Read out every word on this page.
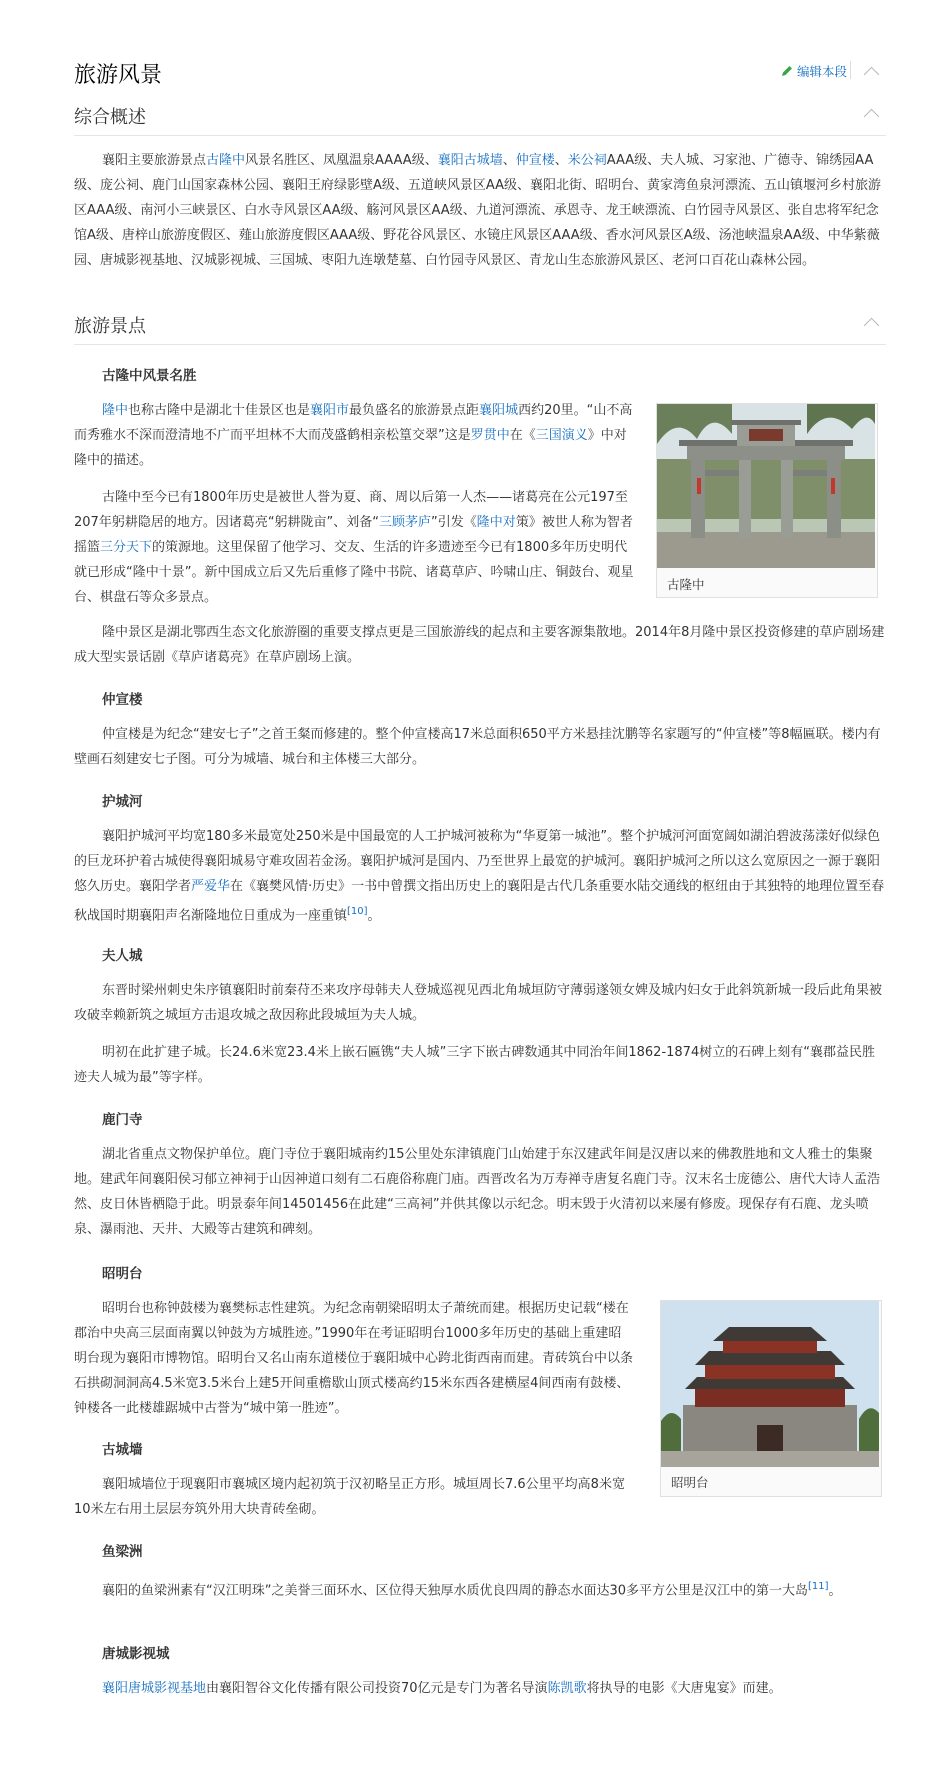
旅游风景	编辑本段
综合概述

襄阳主要旅游景点古隆中风景名胜区、凤凰温泉AAAA级、襄阳古城墙、仲宣楼、米公祠AAA级、夫人城、习家池、广德寺、锦绣园AA级、庞公祠、鹿门山国家森林公园、襄阳王府绿影壁A级、五道峡风景区AA级、襄阳北街、昭明台、黄家湾鱼泉河漂流、五山镇堰河乡村旅游区AAA级、南河小三峡景区、白水寺风景区AA级、觞河风景区AA级、九道河漂流、承恩寺、龙王峡漂流、白竹园寺风景区、张自忠将军纪念馆A级、唐梓山旅游度假区、薤山旅游度假区AAA级、野花谷风景区、水镜庄风景区AAA级、香水河风景区A级、汤池峡温泉AA级、中华紫薇园、唐城影视基地、汉城影视城、三国城、枣阳九连墩楚墓、白竹园寺风景区、青龙山生态旅游风景区、老河口百花山森林公园。

旅游景点
古隆中风景名胜
古隆中

隆中也称古隆中是湖北十佳景区也是襄阳市最负盛名的旅游景点距襄阳城西约20里。“山不高而秀雅水不深而澄清地不广而平坦林不大而茂盛鹤相亲松篁交翠”这是罗贯中在《三国演义》中对隆中的描述。

古隆中至今已有1800年历史是被世人誉为夏、商、周以后第一人杰——诸葛亮在公元197至207年躬耕隐居的地方。因诸葛亮“躬耕陇亩”、刘备“三顾茅庐”引发《隆中对策》被世人称为智者摇篮三分天下的策源地。这里保留了他学习、交友、生活的许多遗迹至今已有1800多年历史明代就已形成“隆中十景”。新中国成立后又先后重修了隆中书院、诸葛草庐、吟啸山庄、铜鼓台、观星台、棋盘石等众多景点。

隆中景区是湖北鄂西生态文化旅游圈的重要支撑点更是三国旅游线的起点和主要客源集散地。2014年8月隆中景区投资修建的草庐剧场建成大型实景话剧《草庐诸葛亮》在草庐剧场上演。

仲宣楼

仲宣楼是为纪念“建安七子”之首王粲而修建的。整个仲宣楼高17米总面积650平方米悬挂沈鹏等名家题写的“仲宣楼”等8幅匾联。楼内有壁画石刻建安七子图。可分为城墙、城台和主体楼三大部分。

护城河

襄阳护城河平均宽180多米最宽处250米是中国最宽的人工护城河被称为“华夏第一城池”。整个护城河河面宽阔如湖泊碧波荡漾好似绿色的巨龙环护着古城使得襄阳城易守难攻固若金汤。襄阳护城河是国内、乃至世界上最宽的护城河。襄阳护城河之所以这么宽原因之一源于襄阳悠久历史。襄阳学者严爱华在《襄樊风情·历史》一书中曾撰文指出历史上的襄阳是古代几条重要水陆交通线的枢纽由于其独特的地理位置至春秋战国时期襄阳声名渐隆地位日重成为一座重镇[10]。

夫人城

东晋时梁州刺史朱序镇襄阳时前秦苻丕来攻序母韩夫人登城巡视见西北角城垣防守薄弱遂领女婢及城内妇女于此斜筑新城一段后此角果被攻破幸赖新筑之城垣方击退攻城之敌因称此段城垣为夫人城。

明初在此扩建子城。长24.6米宽23.4米上嵌石匾镌“夫人城”三字下嵌古碑数通其中同治年间1862-1874树立的石碑上刻有“襄郡益民胜迹夫人城为最”等字样。

鹿门寺

湖北省重点文物保护单位。鹿门寺位于襄阳城南约15公里处东津镇鹿门山始建于东汉建武年间是汉唐以来的佛教胜地和文人雅士的集聚地。建武年间襄阳侯习郁立神祠于山因神道口刻有二石鹿俗称鹿门庙。西晋改名为万寿禅寺唐复名鹿门寺。汉末名士庞德公、唐代大诗人孟浩然、皮日休皆栖隐于此。明景泰年间14501456在此建“三高祠”并供其像以示纪念。明末毁于火清初以来屡有修废。现保存有石鹿、龙头喷泉、瀑雨池、天井、大殿等古建筑和碑刻。

昭明台
昭明台

昭明台也称钟鼓楼为襄樊标志性建筑。为纪念南朝梁昭明太子萧统而建。根据历史记载“楼在郡治中央高三层面南翼以钟鼓为方城胜迹。”1990年在考证昭明台1000多年历史的基础上重建昭明台现为襄阳市博物馆。昭明台又名山南东道楼位于襄阳城中心跨北街西南而建。青砖筑台中以条石拱砌洞洞高4.5米宽3.5米台上建5开间重檐歇山顶式楼高约15米东西各建横屋4间西南有鼓楼、钟楼各一此楼雄踞城中古誉为“城中第一胜迹”。

古城墙

襄阳城墙位于现襄阳市襄城区境内起初筑于汉初略呈正方形。城垣周长7.6公里平均高8米宽10米左右用土层层夯筑外用大块青砖垒砌。

鱼梁洲

襄阳的鱼梁洲素有“汉江明珠”之美誉三面环水、区位得天独厚水质优良四周的静态水面达30多平方公里是汉江中的第一大岛[11]。

唐城影视城

襄阳唐城影视基地由襄阳智谷文化传播有限公司投资70亿元是专门为著名导演陈凯歌将执导的电影《大唐鬼宴》而建。
